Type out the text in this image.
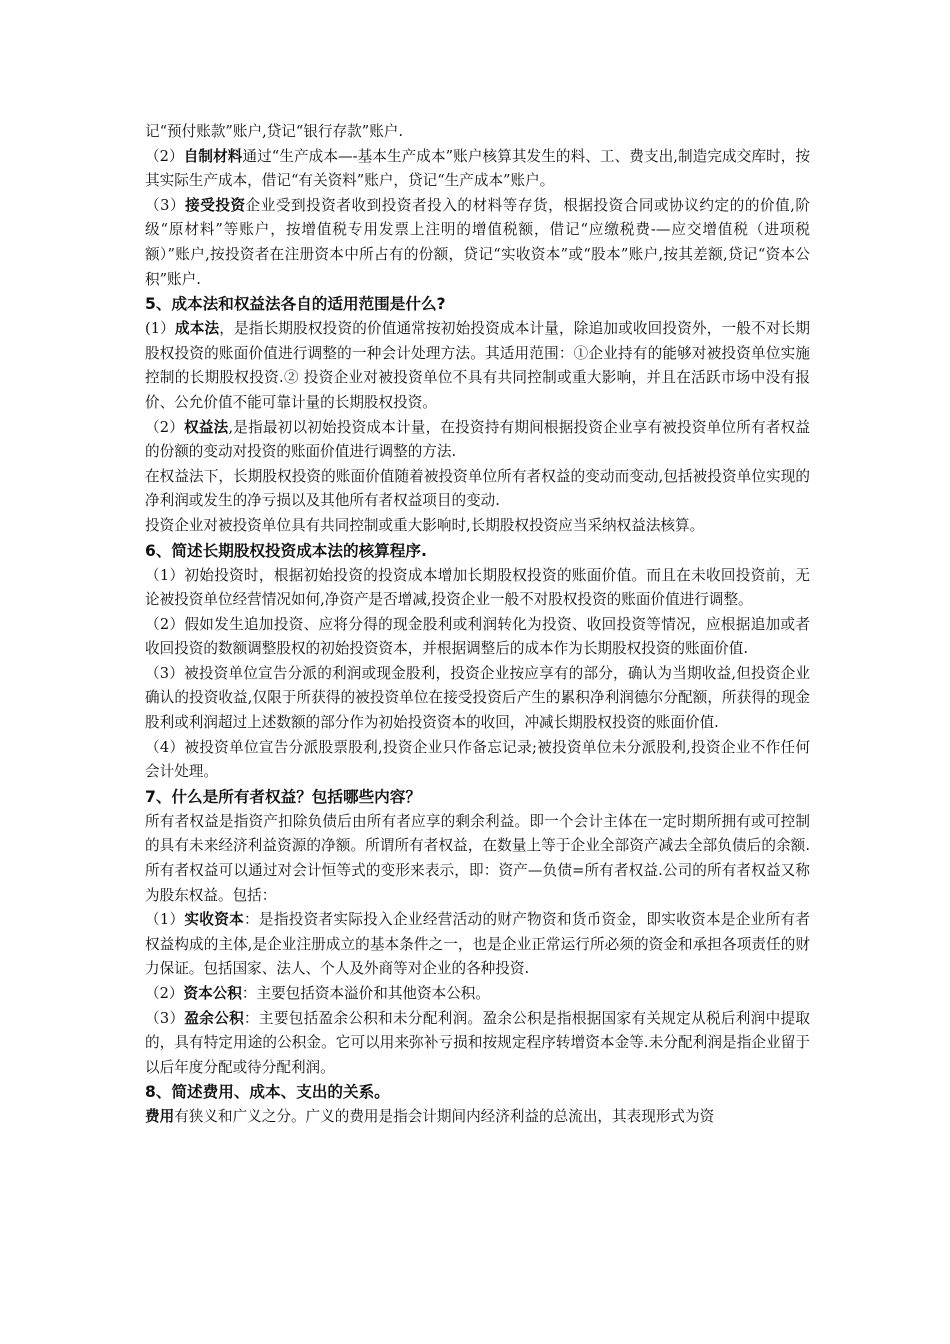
记“预付账款”账户,贷记“银行存款”账户.

（2）自制材料通过“生产成本—-基本生产成本”账户核算其发生的料、工、费支出,制造完成交库时，按其实际生产成本，借记“有关资料”账户，贷记“生产成本”账户。

（3）接受投资企业受到投资者收到投资者投入的材料等存货，根据投资合同或协议约定的的价值,阶级“原材料”等账户，按增值税专用发票上注明的增值税额，借记“应缴税费-—应交增值税（进项税额）”账户,按投资者在注册资本中所占有的份额，贷记“实收资本”或“股本”账户,按其差额,贷记“资本公积”账户.

5、成本法和权益法各自的适用范围是什么?

(1）成本法，是指长期股权投资的价值通常按初始投资成本计量，除追加或收回投资外，一般不对长期股权投资的账面价值进行调整的一种会计处理方法。其适用范围：①企业持有的能够对被投资单位实施控制的长期股权投资.② 投资企业对被投资单位不具有共同控制或重大影响，并且在活跃市场中没有报价、公允价值不能可靠计量的长期股权投资。

（2）权益法,是指最初以初始投资成本计量，在投资持有期间根据投资企业享有被投资单位所有者权益的份额的变动对投资的账面价值进行调整的方法.

在权益法下，长期股权投资的账面价值随着被投资单位所有者权益的变动而变动,包括被投资单位实现的净利润或发生的净亏损以及其他所有者权益项目的变动.

投资企业对被投资单位具有共同控制或重大影响时,长期股权投资应当采纳权益法核算。

6、简述长期股权投资成本法的核算程序.

（1）初始投资时，根据初始投资的投资成本增加长期股权投资的账面价值。而且在未收回投资前，无论被投资单位经营情况如何,净资产是否增减,投资企业一般不对股权投资的账面价值进行调整。

（2）假如发生追加投资、应将分得的现金股利或利润转化为投资、收回投资等情况，应根据追加或者收回投资的数额调整股权的初始投资资本，并根据调整后的成本作为长期股权投资的账面价值.

（3）被投资单位宣告分派的利润或现金股利，投资企业按应享有的部分，确认为当期收益,但投资企业确认的投资收益,仅限于所获得的被投资单位在接受投资后产生的累积净利润德尔分配额，所获得的现金股利或利润超过上述数额的部分作为初始投资资本的收回，冲减长期股权投资的账面价值.

（4）被投资单位宣告分派股票股利,投资企业只作备忘记录;被投资单位未分派股利,投资企业不作任何会计处理。

7、什么是所有者权益？包括哪些内容？

所有者权益是指资产扣除负债后由所有者应享的剩余利益。即一个会计主体在一定时期所拥有或可控制的具有未来经济利益资源的净额。所谓所有者权益，在数量上等于企业全部资产减去全部负债后的余额. 所有者权益可以通过对会计恒等式的变形来表示，即：资产—负债=所有者权益.公司的所有者权益又称为股东权益。包括：

（1）实收资本：是指投资者实际投入企业经营活动的财产物资和货币资金，即实收资本是企业所有者权益构成的主体,是企业注册成立的基本条件之一，也是企业正常运行所必须的资金和承担各项责任的财力保证。包括国家、法人、个人及外商等对企业的各种投资.

（2）资本公积：主要包括资本溢价和其他资本公积。

（3）盈余公积：主要包括盈余公积和未分配利润。盈余公积是指根据国家有关规定从税后利润中提取的，具有特定用途的公积金。它可以用来弥补亏损和按规定程序转增资本金等.未分配利润是指企业留于以后年度分配或待分配利润。

8、简述费用、成本、支出的关系。

费用有狭义和广义之分。广义的费用是指会计期间内经济利益的总流出，其表现形式为资
